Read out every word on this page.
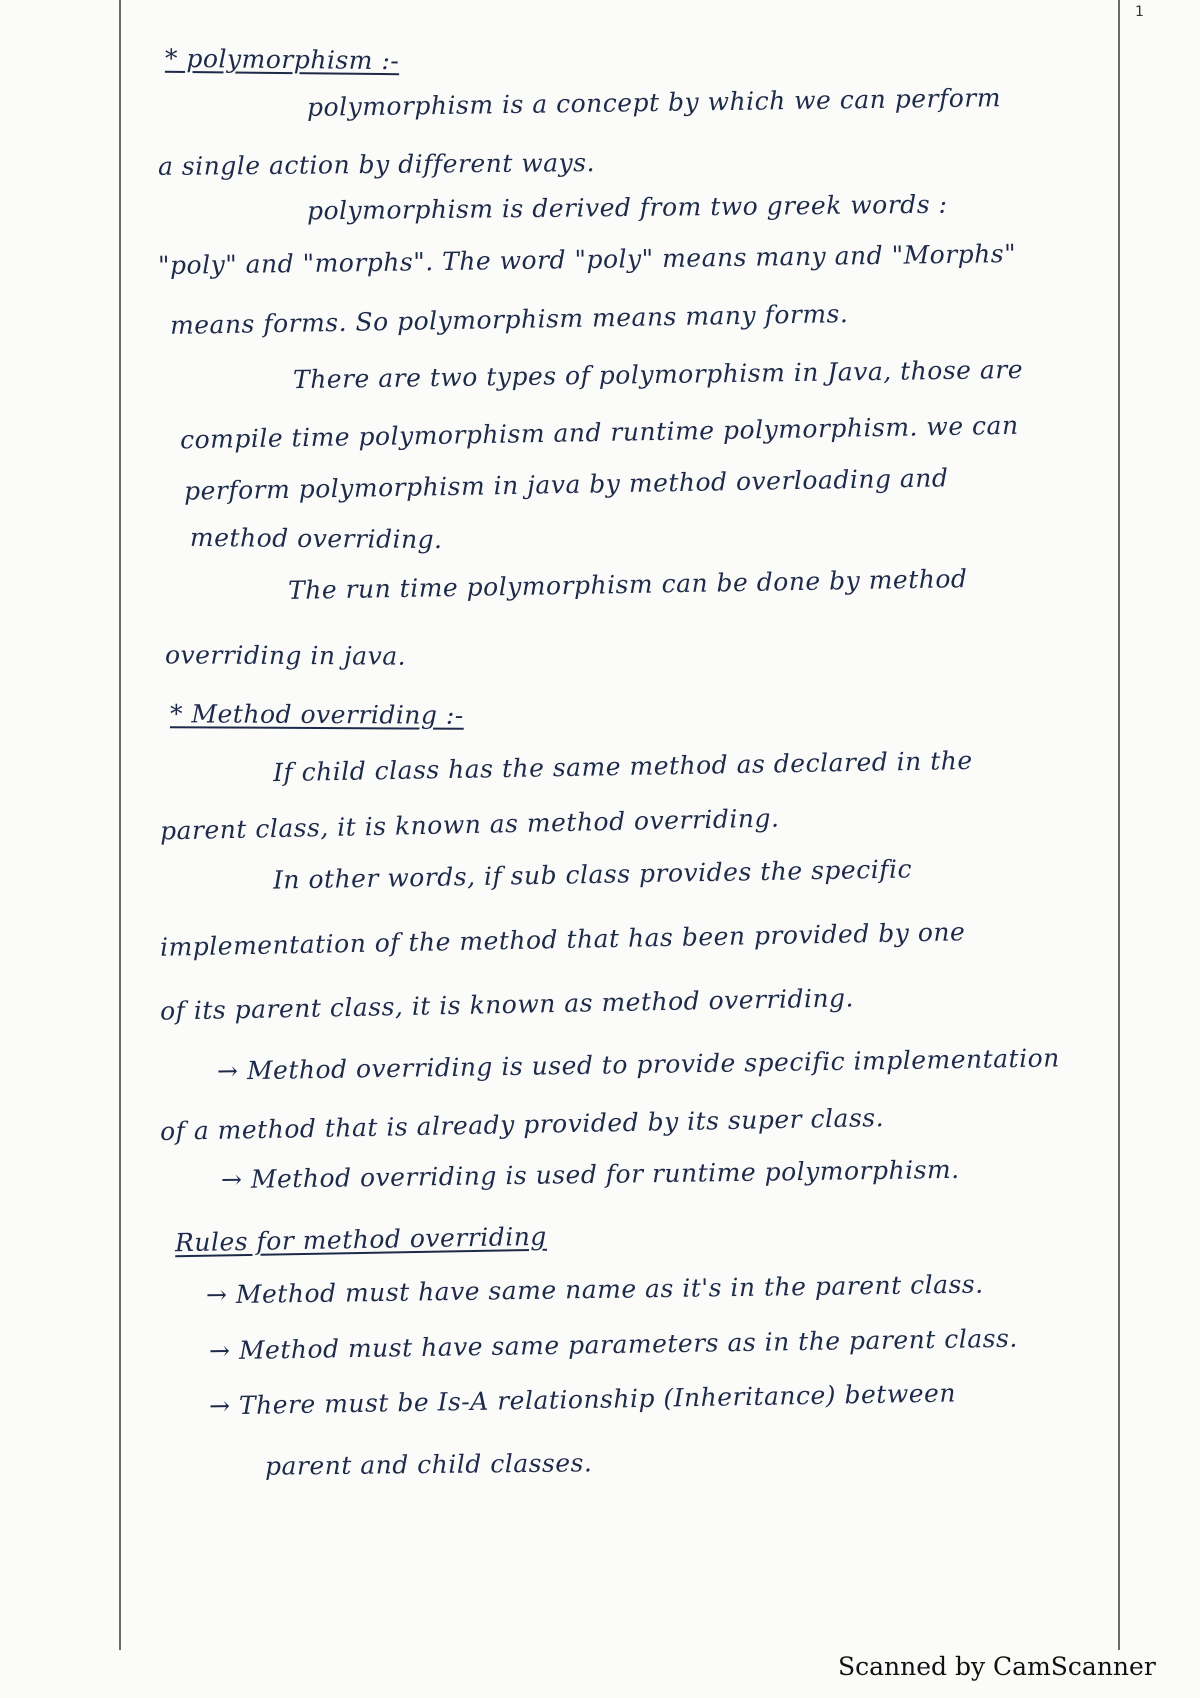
1
* polymorphism :-
polymorphism is a concept by which we can perform
a single action by different ways.
polymorphism is derived from two greek words :
"poly" and "morphs". The word "poly" means many and "Morphs"
means forms. So polymorphism means many forms.
There are two types of polymorphism in Java, those are
compile time polymorphism and runtime polymorphism. we can
perform polymorphism in java by method overloading and
method overriding.
The run time polymorphism can be done by method
overriding in java.
* Method overriding :-
If child class has the same method as declared in the
parent class, it is known as method overriding.
In other words, if sub class provides the specific
implementation of the method that has been provided by one
of its parent class, it is known as method overriding.
→ Method overriding is used to provide specific implementation
of a method that is already provided by its super class.
→ Method overriding is used for runtime polymorphism.
Rules for method overriding
→ Method must have same name as it's in the parent class.
→ Method must have same parameters as in the parent class.
→ There must be Is-A relationship (Inheritance) between
parent and child classes.
Scanned by CamScanner
